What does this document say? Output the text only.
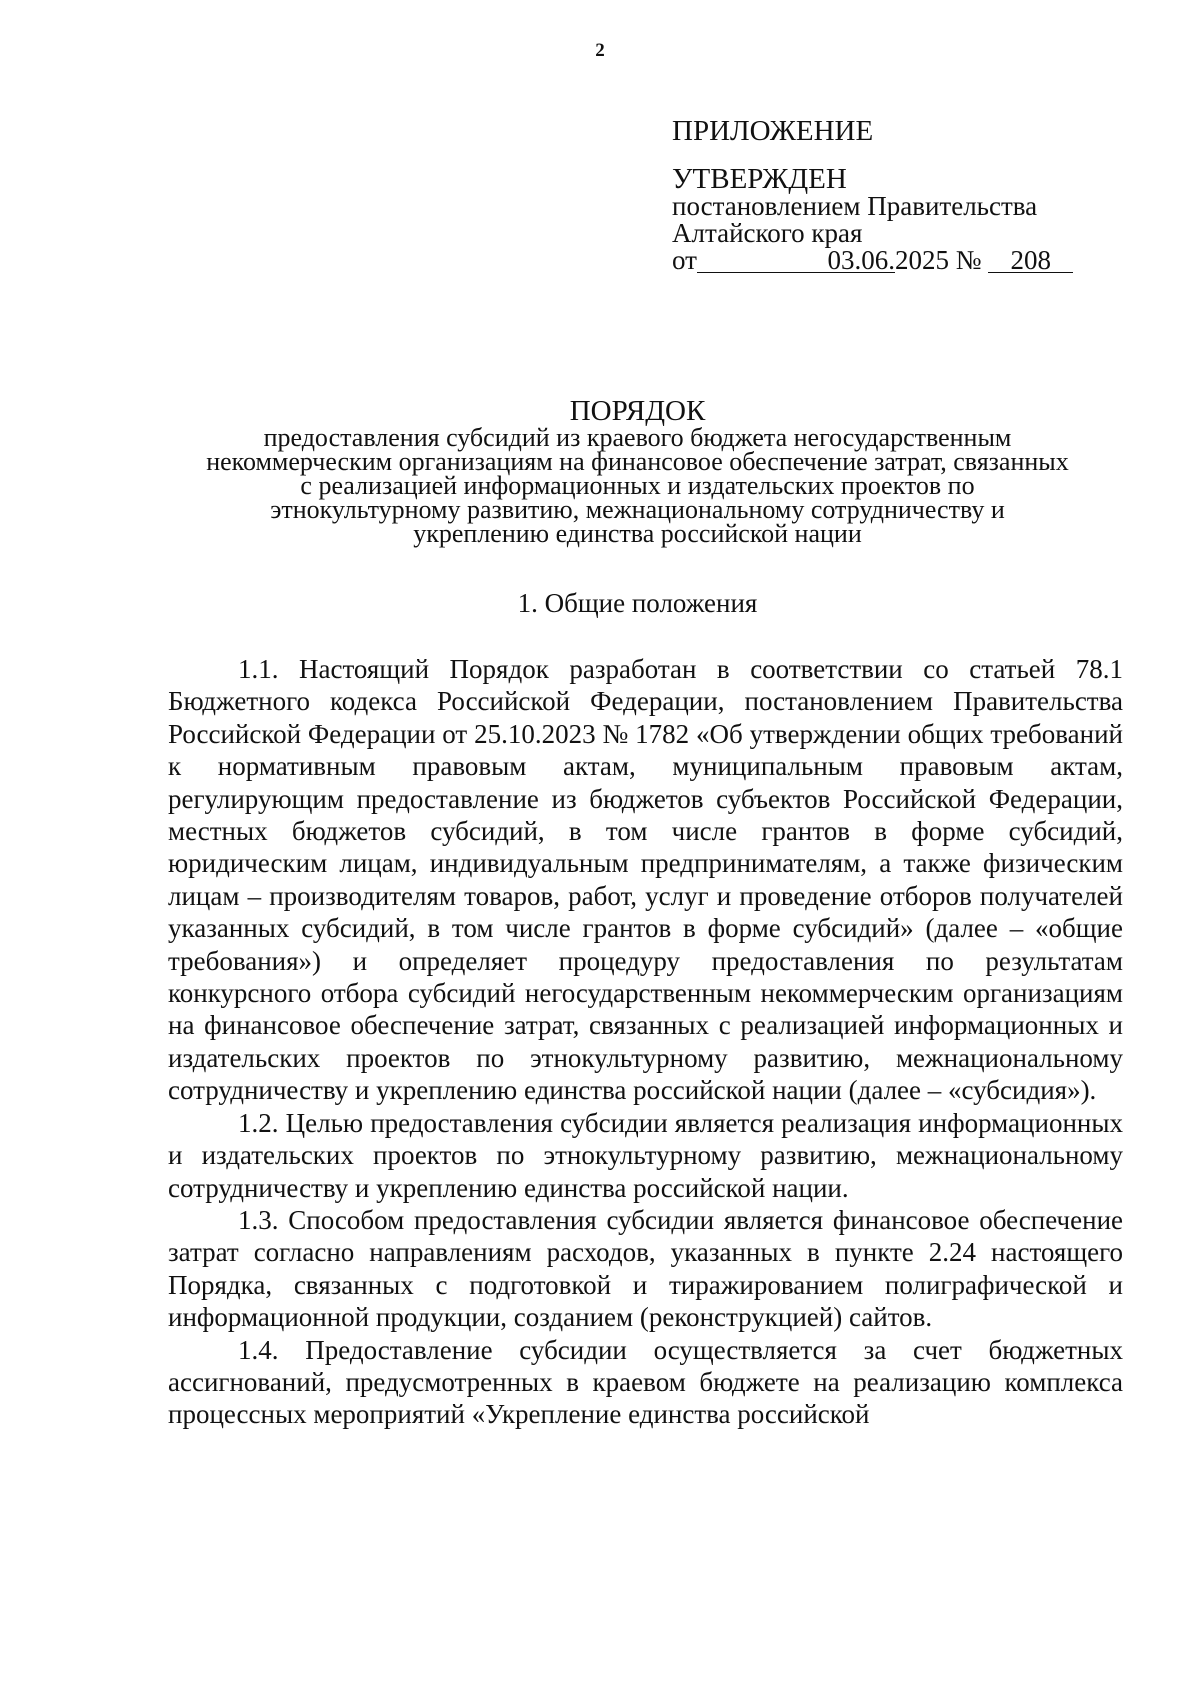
2
ПРИЛОЖЕНИЕ
УТВЕРЖДЕН
постановлением Правительства
Алтайского края
от	03.06.2025 № 208
ПОРЯДОК
предоставления субсидий из краевого бюджета негосударственным
некоммерческим организациям на финансовое обеспечение затрат, связанных
с реализацией информационных и издательских проектов по
этнокультурному развитию, межнациональному сотрудничеству и
укреплению единства российской нации
1. Общие положения

1.1. Настоящий Порядок разработан в соответствии со статьей 78.1 Бюджетного кодекса Российской Федерации, постановлением Правительства Российской Федерации от 25.10.2023 № 1782 «Об утверждении общих требований к нормативным правовым актам, муниципальным правовым актам, регулирующим предоставление из бюджетов субъектов Российской Федерации, местных бюджетов субсидий, в том числе грантов в форме субсидий, юридическим лицам, индивидуальным предпринимателям, а также физическим лицам – производителям товаров, работ, услуг и проведение отборов получателей указанных субсидий, в том числе грантов в форме субсидий» (далее – «общие требования») и определяет процедуру предоставления по результатам конкурсного отбора субсидий негосударственным некоммерческим организациям на финансовое обеспечение затрат, связанных с реализацией информационных и издательских проектов по этнокультурному развитию, межнациональному сотрудничеству и укреплению единства российской нации (далее – «субсидия»).

1.2. Целью предоставления субсидии является реализация информационных и издательских проектов по этнокультурному развитию, межнациональному сотрудничеству и укреплению единства российской нации.

1.3. Способом предоставления субсидии является финансовое обеспечение затрат согласно направлениям расходов, указанных в пункте 2.24 настоящего Порядка, связанных с подготовкой и тиражированием полиграфической и информационной продукции, созданием (реконструкцией) сайтов.

1.4. Предоставление субсидии осуществляется за счет бюджетных ассигнований, предусмотренных в краевом бюджете на реализацию комплекса процессных мероприятий «Укрепление единства российской
